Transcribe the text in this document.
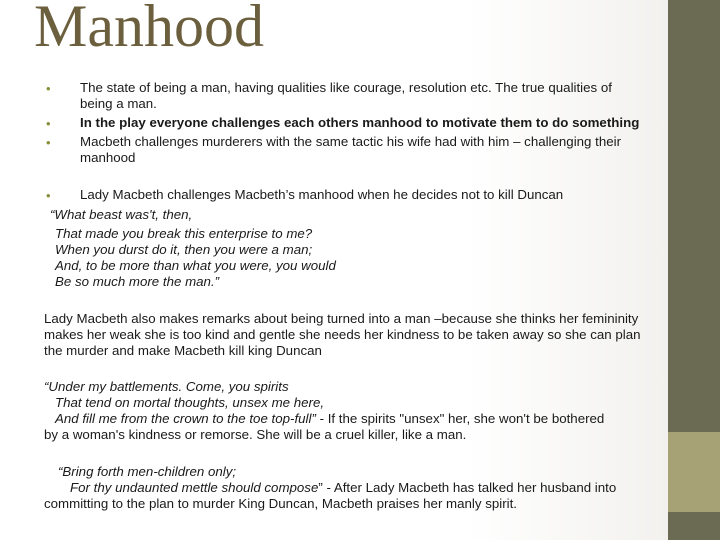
Manhood
• The state of being a man, having qualities like courage, resolution etc. The true qualities of
being a man.
• In the play everyone challenges each others manhood to motivate them to do something
• Macbeth challenges murderers with the same tactic his wife had with him – challenging their
manhood
• Lady Macbeth challenges Macbeth’s manhood when he decides not to kill Duncan
“What beast was't, then,
That made you break this enterprise to me?
When you durst do it, then you were a man;
And, to be more than what you were, you would
Be so much more the man.”
Lady Macbeth also makes remarks about being turned into a man –because she thinks her femininity
makes her weak she is too kind and gentle she needs her kindness to be taken away so she can plan
the murder and make Macbeth kill king Duncan
“Under my battlements. Come, you spirits
That tend on mortal thoughts, unsex me here,
And fill me from the crown to the toe top-full” - If the spirits "unsex" her, she won't be bothered
by a woman's kindness or remorse. She will be a cruel killer, like a man.
“Bring forth men-children only;
For thy undaunted mettle should compose” - After Lady Macbeth has talked her husband into
committing to the plan to murder King Duncan, Macbeth praises her manly spirit.
